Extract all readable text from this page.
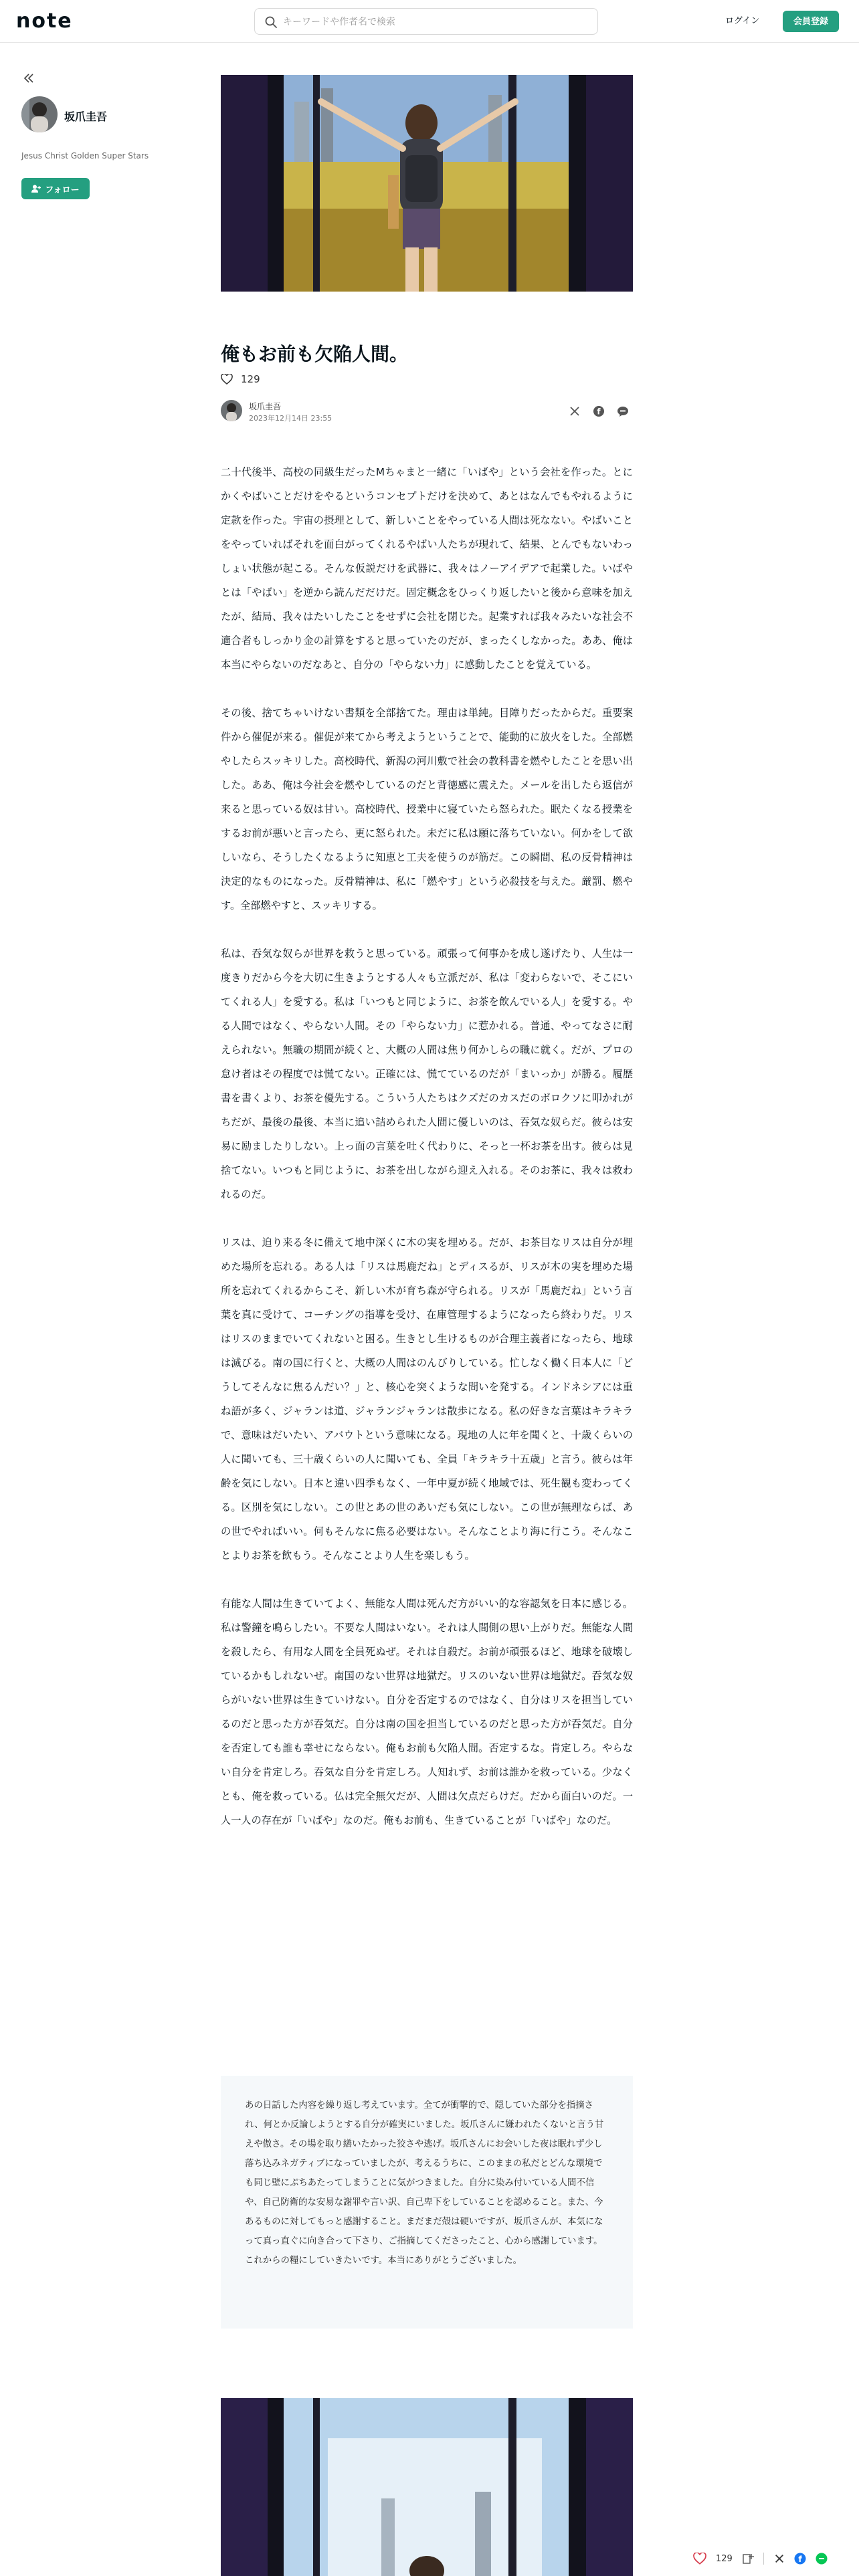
note
キーワードや作者名で検索	ログイン	会員登録
坂爪圭吾
Jesus Christ Golden Super Stars
フォロー
俺もお前も欠陥人間。
129
坂爪圭吾
2023年12月14日 23:55
f

二十代後半、高校の同級生だったMちゃまと一緒に「いばや」という会社を作った。とにかくやばいことだけをやるというコンセプトだけを決めて、あとはなんでもやれるように定款を作った。宇宙の摂理として、新しいことをやっている人間は死なない。やばいことをやっていればそれを面白がってくれるやばい人たちが現れて、結果、とんでもないわっしょい状態が起こる。そんな仮説だけを武器に、我々はノーアイデアで起業した。いばやとは「やばい」を逆から読んだだけだ。固定概念をひっくり返したいと後から意味を加えたが、結局、我々はたいしたことをせずに会社を閉じた。起業すれば我々みたいな社会不適合者もしっかり金の計算をすると思っていたのだが、まったくしなかった。ああ、俺は本当にやらないのだなあと、自分の「やらない力」に感動したことを覚えている。

その後、捨てちゃいけない書類を全部捨てた。理由は単純。目障りだったからだ。重要案件から催促が来る。催促が来てから考えようということで、能動的に放火をした。全部燃やしたらスッキリした。高校時代、新潟の河川敷で社会の教科書を燃やしたことを思い出した。ああ、俺は今社会を燃やしているのだと背徳感に震えた。メールを出したら返信が来ると思っている奴は甘い。高校時代、授業中に寝ていたら怒られた。眠たくなる授業をするお前が悪いと言ったら、更に怒られた。未だに私は願に落ちていない。何かをして欲しいなら、そうしたくなるように知恵と工夫を使うのが筋だ。この瞬間、私の反骨精神は決定的なものになった。反骨精神は、私に「燃やす」という必殺技を与えた。厳罰、燃やす。全部燃やすと、スッキリする。

私は、吞気な奴らが世界を救うと思っている。頑張って何事かを成し遂げたり、人生は一度きりだから今を大切に生きようとする人々も立派だが、私は「変わらないで、そこにいてくれる人」を愛する。私は「いつもと同じように、お茶を飲んでいる人」を愛する。やる人間ではなく、やらない人間。その「やらない力」に惹かれる。普通、やってなさに耐えられない。無職の期間が続くと、大概の人間は焦り何かしらの職に就く。だが、プロの怠け者はその程度では慌てない。正確には、慌てているのだが「まいっか」が勝る。履歴書を書くより、お茶を優先する。こういう人たちはクズだのカスだのボロクソに叩かれがちだが、最後の最後、本当に追い詰められた人間に優しいのは、吞気な奴らだ。彼らは安易に励ましたりしない。上っ面の言葉を吐く代わりに、そっと一杯お茶を出す。彼らは見捨てない。いつもと同じように、お茶を出しながら迎え入れる。そのお茶に、我々は救われるのだ。

リスは、迫り来る冬に備えて地中深くに木の実を埋める。だが、お茶目なリスは自分が埋めた場所を忘れる。ある人は「リスは馬鹿だね」とディスるが、リスが木の実を埋めた場所を忘れてくれるからこそ、新しい木が育ち森が守られる。リスが「馬鹿だね」という言葉を真に受けて、コーチングの指導を受け、在庫管理するようになったら終わりだ。リスはリスのままでいてくれないと困る。生きとし生けるものが合理主義者になったら、地球は滅びる。南の国に行くと、大概の人間はのんびりしている。忙しなく働く日本人に「どうしてそんなに焦るんだい？」と、核心を突くような問いを発する。インドネシアには重ね語が多く、ジャランは道、ジャランジャランは散歩になる。私の好きな言葉はキラキラで、意味はだいたい、アバウトという意味になる。現地の人に年を聞くと、十歳くらいの人に聞いても、三十歳くらいの人に聞いても、全員「キラキラ十五歳」と言う。彼らは年齢を気にしない。日本と違い四季もなく、一年中夏が続く地域では、死生観も変わってくる。区別を気にしない。この世とあの世のあいだも気にしない。この世が無理ならば、あの世でやればいい。何もそんなに焦る必要はない。そんなことより海に行こう。そんなことよりお茶を飲もう。そんなことより人生を楽しもう。

有能な人間は生きていてよく、無能な人間は死んだ方がいい的な容認気を日本に感じる。私は警鐘を鳴らしたい。不要な人間はいない。それは人間側の思い上がりだ。無能な人間を殺したら、有用な人間を全員死ぬぜ。それは自殺だ。お前が頑張るほど、地球を破壊しているかもしれないぜ。南国のない世界は地獄だ。リスのいない世界は地獄だ。吞気な奴らがいない世界は生きていけない。自分を否定するのではなく、自分はリスを担当しているのだと思った方が吞気だ。自分は南の国を担当しているのだと思った方が吞気だ。自分を否定しても誰も幸せにならない。俺もお前も欠陥人間。否定するな。肯定しろ。やらない自分を肯定しろ。吞気な自分を肯定しろ。人知れず、お前は誰かを救っている。少なくとも、俺を救っている。仏は完全無欠だが、人間は欠点だらけだ。だから面白いのだ。一人一人の存在が「いばや」なのだ。俺もお前も、生きていることが「いばや」なのだ。

あの日話した内容を繰り返し考えています。全てが衝撃的で、隠していた部分を指摘され、何とか反論しようとする自分が確実にいました。坂爪さんに嫌われたくないと言う甘えや傲さ。その場を取り繕いたかった狡さや逃げ。坂爪さんにお会いした夜は眠れず少し落ち込みネガティブになっていましたが、考えるうちに、このままの私だとどんな環境でも同じ壁にぶちあたってしまうことに気がつきました。自分に染み付いている人間不信や、自己防衛的な安易な謝罪や言い訳、自己卑下をしていることを認めること。また、今あるものに対してもっと感謝すること。まだまだ殻は硬いですが、坂爪さんが、本気になって真っ直ぐに向き合って下さり、ご指摘してくださったこと、心から感謝しています。これからの糧にしていきたいです。本当にありがとうございました。
129	f
